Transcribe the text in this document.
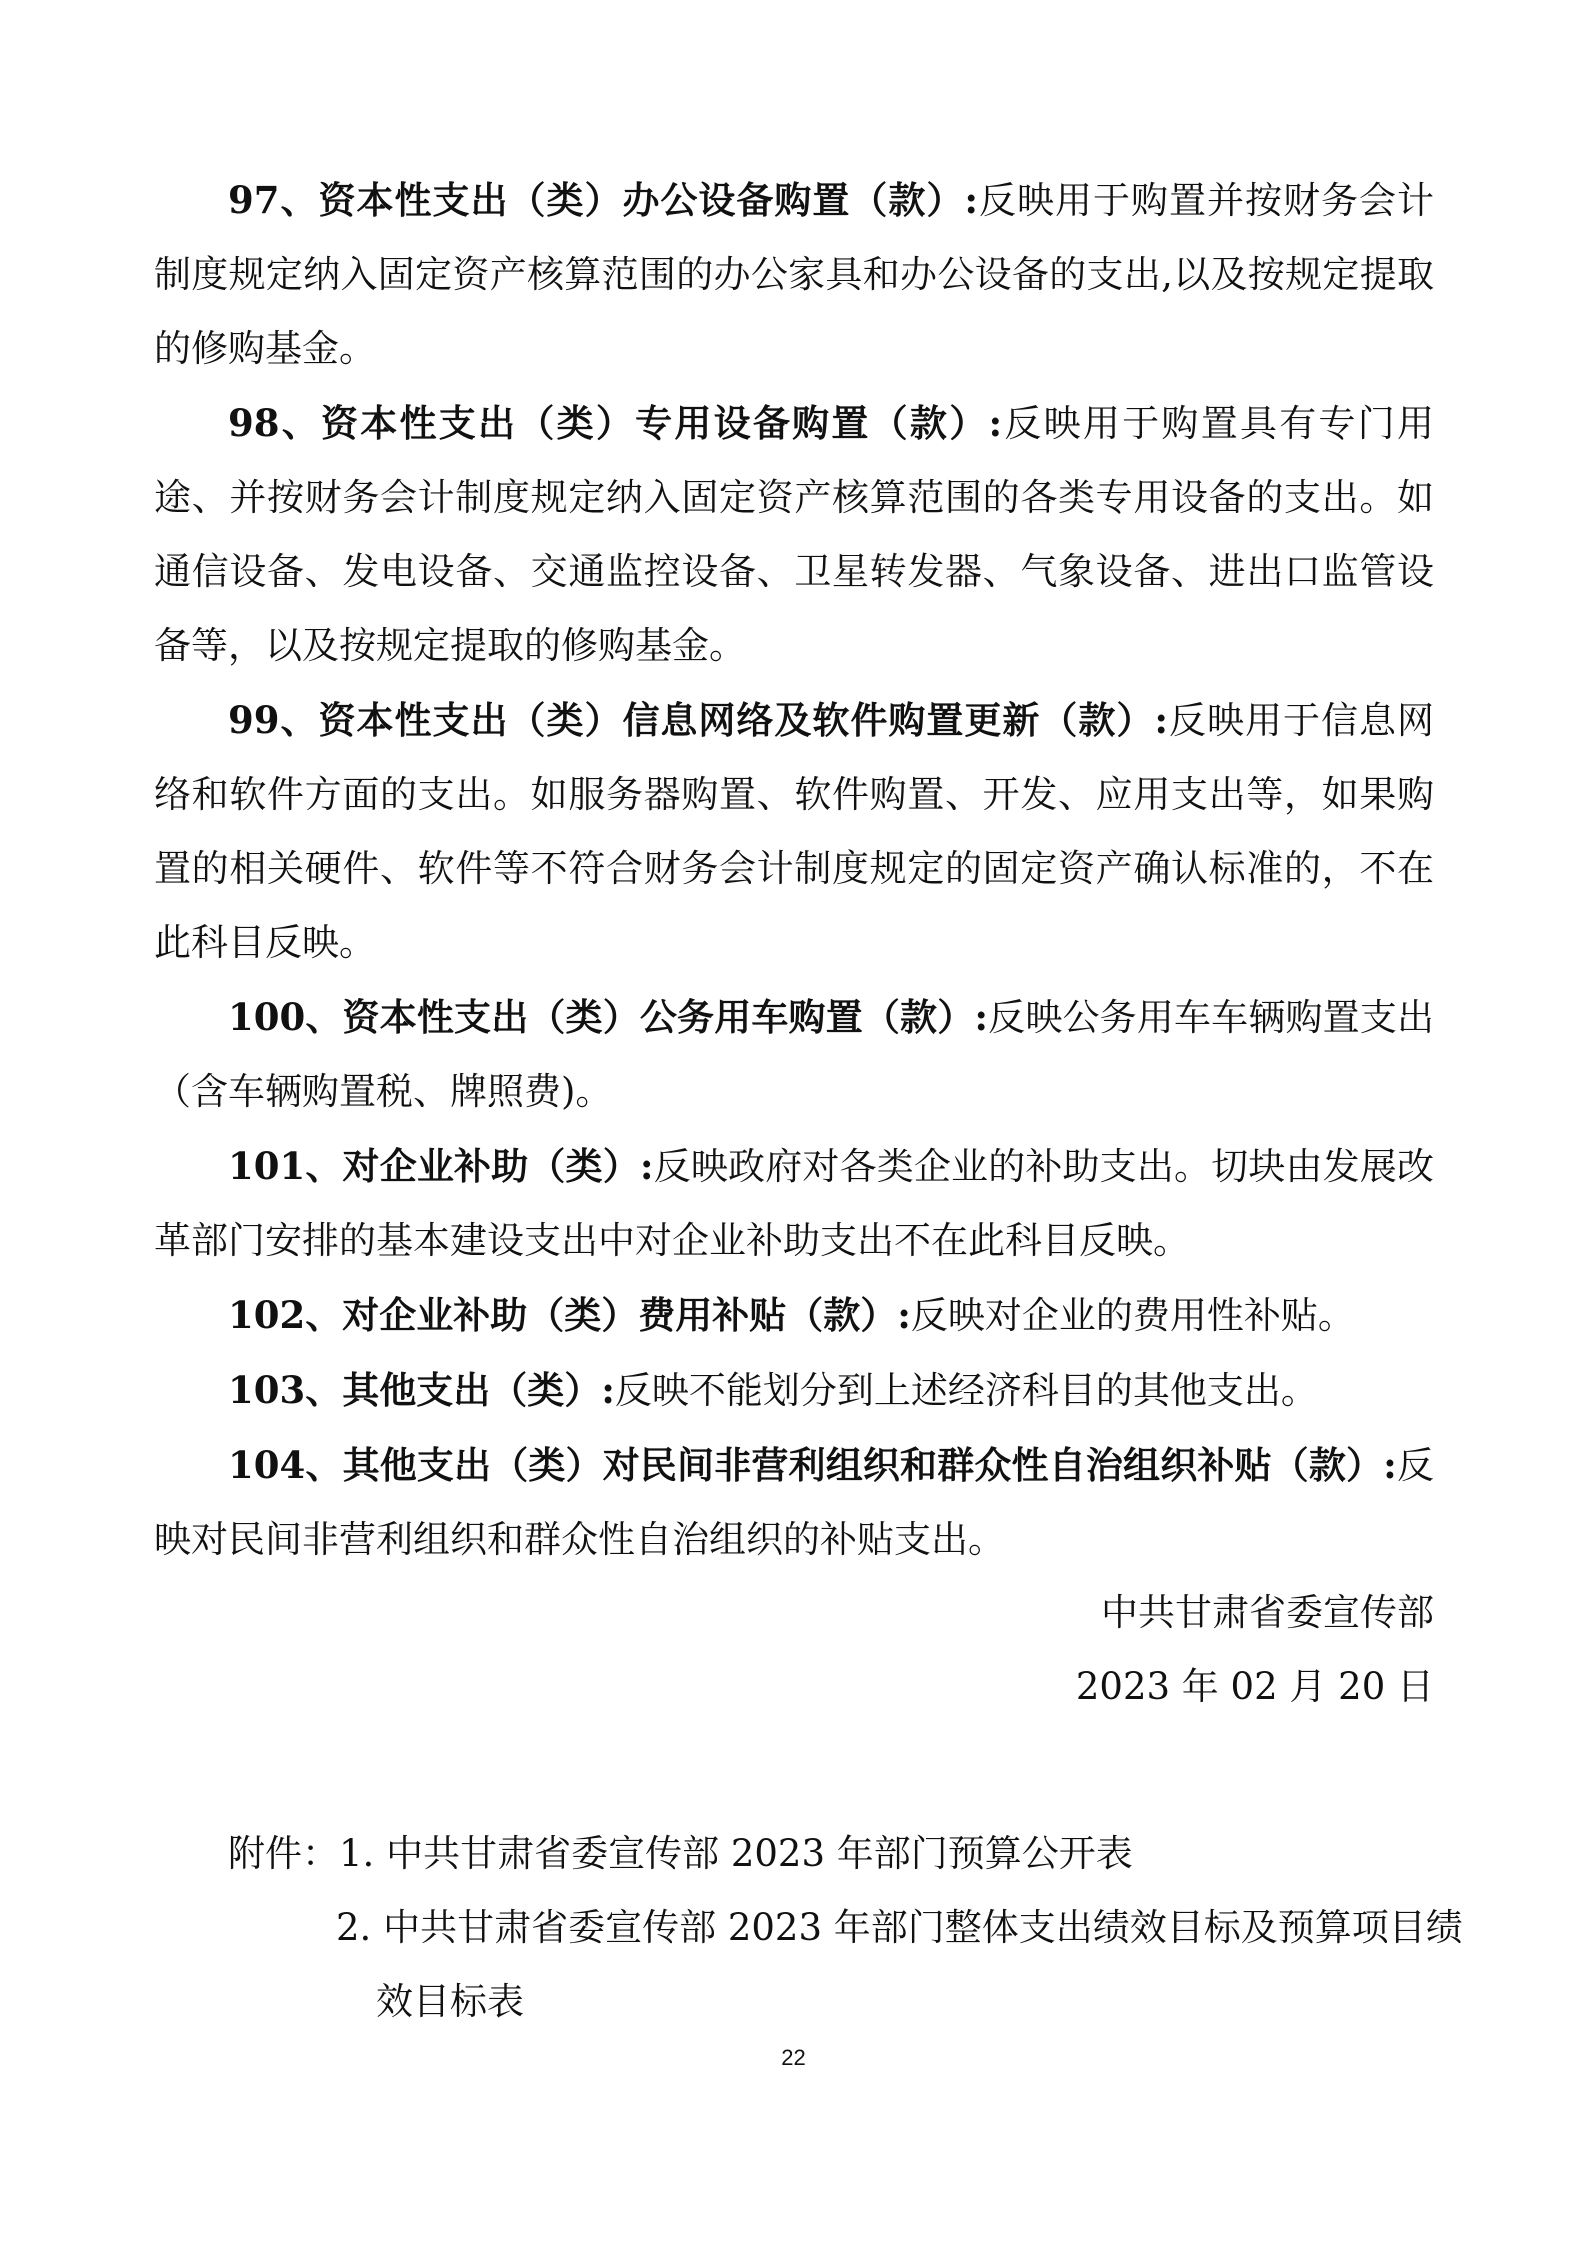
97、资本性支出（类）办公设备购置（款）:反映用于购置并按财务会计制度规定纳入固定资产核算范围的办公家具和办公设备的支出,以及按规定提取的修购基金。

98、资本性支出（类）专用设备购置（款）:反映用于购置具有专门用途、并按财务会计制度规定纳入固定资产核算范围的各类专用设备的支出。如通信设备、发电设备、交通监控设备、卫星转发器、气象设备、进出口监管设备等，以及按规定提取的修购基金。

99、资本性支出（类）信息网络及软件购置更新（款）:反映用于信息网络和软件方面的支出。如服务器购置、软件购置、开发、应用支出等，如果购置的相关硬件、软件等不符合财务会计制度规定的固定资产确认标准的，不在此科目反映。

100、资本性支出（类）公务用车购置（款）:反映公务用车车辆购置支出（含车辆购置税、牌照费)。

101、对企业补助（类）:反映政府对各类企业的补助支出。切块由发展改革部门安排的基本建设支出中对企业补助支出不在此科目反映。

102、对企业补助（类）费用补贴（款）:反映对企业的费用性补贴。

103、其他支出（类）:反映不能划分到上述经济科目的其他支出。

104、其他支出（类）对民间非营利组织和群众性自治组织补贴（款）:反映对民间非营利组织和群众性自治组织的补贴支出。

中共甘肃省委宣传部
2023 年 02 月 20 日
附件：1. 中共甘肃省委宣传部 2023 年部门预算公开表
2. 中共甘肃省委宣传部 2023 年部门整体支出绩效目标及预算项目绩效目标表
22
